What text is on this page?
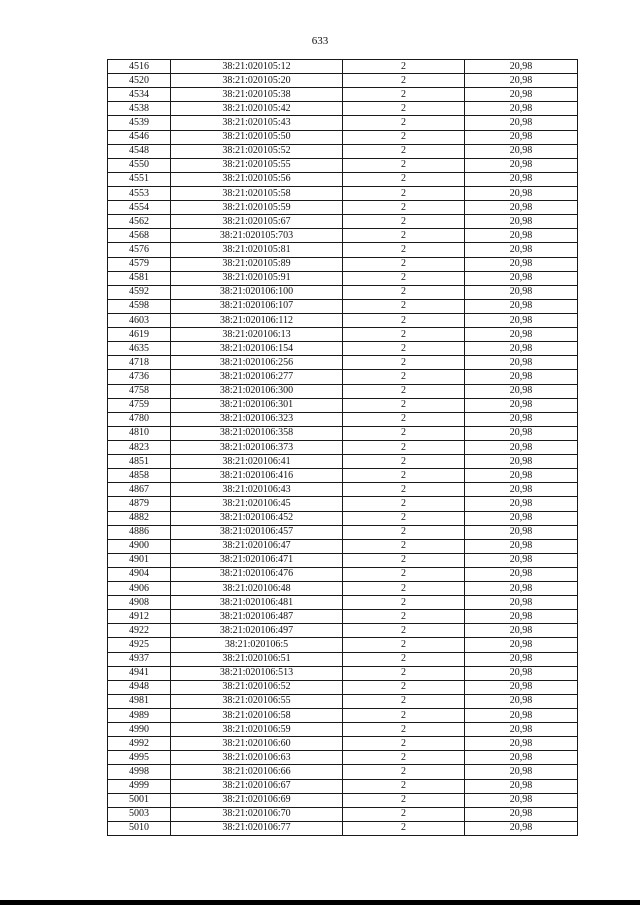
633
4516	38:21:020105:12	2	20,98
4520	38:21:020105:20	2	20,98
4534	38:21:020105:38	2	20,98
4538	38:21:020105:42	2	20,98
4539	38:21:020105:43	2	20,98
4546	38:21:020105:50	2	20,98
4548	38:21:020105:52	2	20,98
4550	38:21:020105:55	2	20,98
4551	38:21:020105:56	2	20,98
4553	38:21:020105:58	2	20,98
4554	38:21:020105:59	2	20,98
4562	38:21:020105:67	2	20,98
4568	38:21:020105:703	2	20,98
4576	38:21:020105:81	2	20,98
4579	38:21:020105:89	2	20,98
4581	38:21:020105:91	2	20,98
4592	38:21:020106:100	2	20,98
4598	38:21:020106:107	2	20,98
4603	38:21:020106:112	2	20,98
4619	38:21:020106:13	2	20,98
4635	38:21:020106:154	2	20,98
4718	38:21:020106:256	2	20,98
4736	38:21:020106:277	2	20,98
4758	38:21:020106:300	2	20,98
4759	38:21:020106:301	2	20,98
4780	38:21:020106:323	2	20,98
4810	38:21:020106:358	2	20,98
4823	38:21:020106:373	2	20,98
4851	38:21:020106:41	2	20,98
4858	38:21:020106:416	2	20,98
4867	38:21:020106:43	2	20,98
4879	38:21:020106:45	2	20,98
4882	38:21:020106:452	2	20,98
4886	38:21:020106:457	2	20,98
4900	38:21:020106:47	2	20,98
4901	38:21:020106:471	2	20,98
4904	38:21:020106:476	2	20,98
4906	38:21:020106:48	2	20,98
4908	38:21:020106:481	2	20,98
4912	38:21:020106:487	2	20,98
4922	38:21:020106:497	2	20,98
4925	38:21:020106:5	2	20,98
4937	38:21:020106:51	2	20,98
4941	38:21:020106:513	2	20,98
4948	38:21:020106:52	2	20,98
4981	38:21:020106:55	2	20,98
4989	38:21:020106:58	2	20,98
4990	38:21:020106:59	2	20,98
4992	38:21:020106:60	2	20,98
4995	38:21:020106:63	2	20,98
4998	38:21:020106:66	2	20,98
4999	38:21:020106:67	2	20,98
5001	38:21:020106:69	2	20,98
5003	38:21:020106:70	2	20,98
5010	38:21:020106:77	2	20,98
